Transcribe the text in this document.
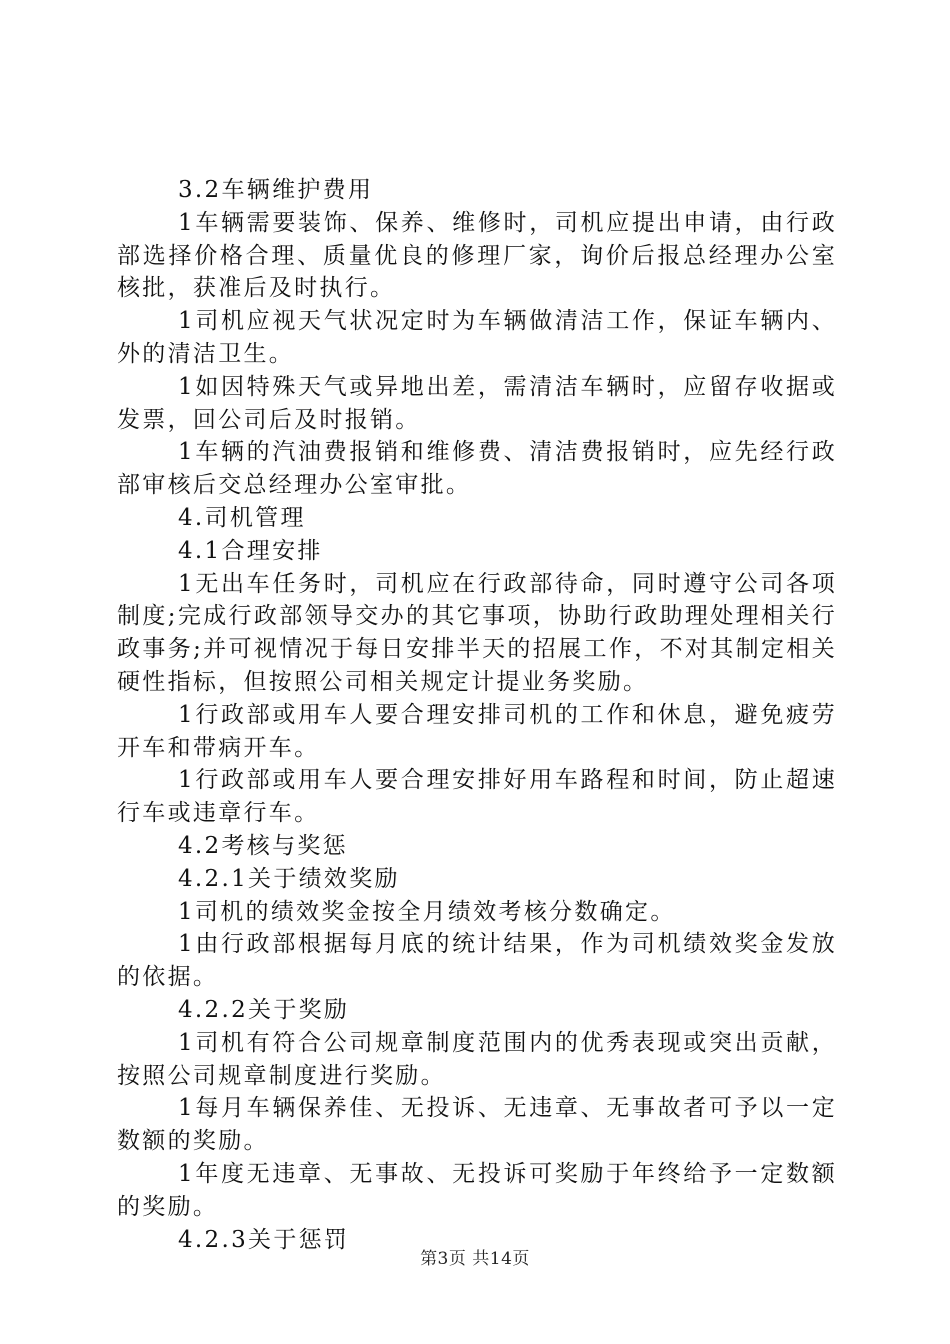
3.2车辆维护费用

1车辆需要装饰、保养、维修时，司机应提出申请，由行政部选择价格合理、质量优良的修理厂家，询价后报总经理办公室核批，获准后及时执行。

1司机应视天气状况定时为车辆做清洁工作，保证车辆内、外的清洁卫生。

1如因特殊天气或异地出差，需清洁车辆时，应留存收据或发票，回公司后及时报销。

1车辆的汽油费报销和维修费、清洁费报销时，应先经行政部审核后交总经理办公室审批。

4.司机管理

4.1合理安排

1无出车任务时，司机应在行政部待命，同时遵守公司各项制度;完成行政部领导交办的其它事项，协助行政助理处理相关行政事务;并可视情况于每日安排半天的招展工作，不对其制定相关硬性指标，但按照公司相关规定计提业务奖励。

1行政部或用车人要合理安排司机的工作和休息，避免疲劳开车和带病开车。

1行政部或用车人要合理安排好用车路程和时间，防止超速行车或违章行车。

4.2考核与奖惩

4.2.1关于绩效奖励

1司机的绩效奖金按全月绩效考核分数确定。

1由行政部根据每月底的统计结果，作为司机绩效奖金发放的依据。

4.2.2关于奖励

1司机有符合公司规章制度范围内的优秀表现或突出贡献，按照公司规章制度进行奖励。

1每月车辆保养佳、无投诉、无违章、无事故者可予以一定数额的奖励。

1年度无违章、无事故、无投诉可奖励于年终给予一定数额的奖励。

4.2.3关于惩罚

第3页 共14页
